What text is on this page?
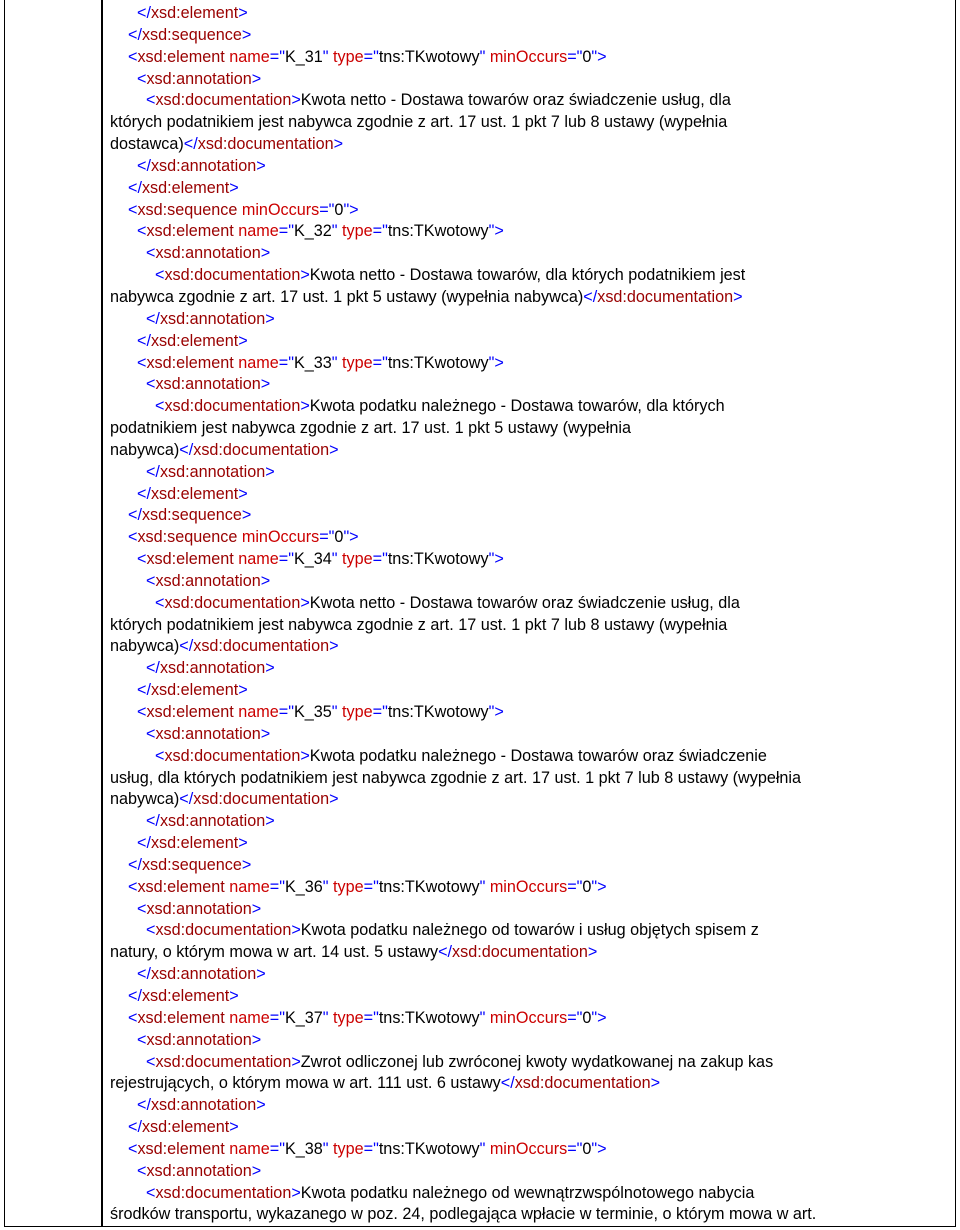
</xsd:element>
</xsd:sequence>
<xsd:element name="K_31" type="tns:TKwotowy" minOccurs="0">
<xsd:annotation>
<xsd:documentation>Kwota netto - Dostawa towarów oraz świadczenie usług, dla
których podatnikiem jest nabywca zgodnie z art. 17 ust. 1 pkt 7 lub 8 ustawy (wypełnia
dostawca)</xsd:documentation>
</xsd:annotation>
</xsd:element>
<xsd:sequence minOccurs="0">
<xsd:element name="K_32" type="tns:TKwotowy">
<xsd:annotation>
<xsd:documentation>Kwota netto - Dostawa towarów, dla których podatnikiem jest
nabywca zgodnie z art. 17 ust. 1 pkt 5 ustawy (wypełnia nabywca)</xsd:documentation>
</xsd:annotation>
</xsd:element>
<xsd:element name="K_33" type="tns:TKwotowy">
<xsd:annotation>
<xsd:documentation>Kwota podatku należnego - Dostawa towarów, dla których
podatnikiem jest nabywca zgodnie z art. 17 ust. 1 pkt 5 ustawy (wypełnia
nabywca)</xsd:documentation>
</xsd:annotation>
</xsd:element>
</xsd:sequence>
<xsd:sequence minOccurs="0">
<xsd:element name="K_34" type="tns:TKwotowy">
<xsd:annotation>
<xsd:documentation>Kwota netto - Dostawa towarów oraz świadczenie usług, dla
których podatnikiem jest nabywca zgodnie z art. 17 ust. 1 pkt 7 lub 8 ustawy (wypełnia
nabywca)</xsd:documentation>
</xsd:annotation>
</xsd:element>
<xsd:element name="K_35" type="tns:TKwotowy">
<xsd:annotation>
<xsd:documentation>Kwota podatku należnego - Dostawa towarów oraz świadczenie
usług, dla których podatnikiem jest nabywca zgodnie z art. 17 ust. 1 pkt 7 lub 8 ustawy (wypełnia
nabywca)</xsd:documentation>
</xsd:annotation>
</xsd:element>
</xsd:sequence>
<xsd:element name="K_36" type="tns:TKwotowy" minOccurs="0">
<xsd:annotation>
<xsd:documentation>Kwota podatku należnego od towarów i usług objętych spisem z
natury, o którym mowa w art. 14 ust. 5 ustawy</xsd:documentation>
</xsd:annotation>
</xsd:element>
<xsd:element name="K_37" type="tns:TKwotowy" minOccurs="0">
<xsd:annotation>
<xsd:documentation>Zwrot odliczonej lub zwróconej kwoty wydatkowanej na zakup kas
rejestrujących, o którym mowa w art. 111 ust. 6 ustawy</xsd:documentation>
</xsd:annotation>
</xsd:element>
<xsd:element name="K_38" type="tns:TKwotowy" minOccurs="0">
<xsd:annotation>
<xsd:documentation>Kwota podatku należnego od wewnątrzwspólnotowego nabycia
środków transportu, wykazanego w poz. 24, podlegająca wpłacie w terminie, o którym mowa w art.
